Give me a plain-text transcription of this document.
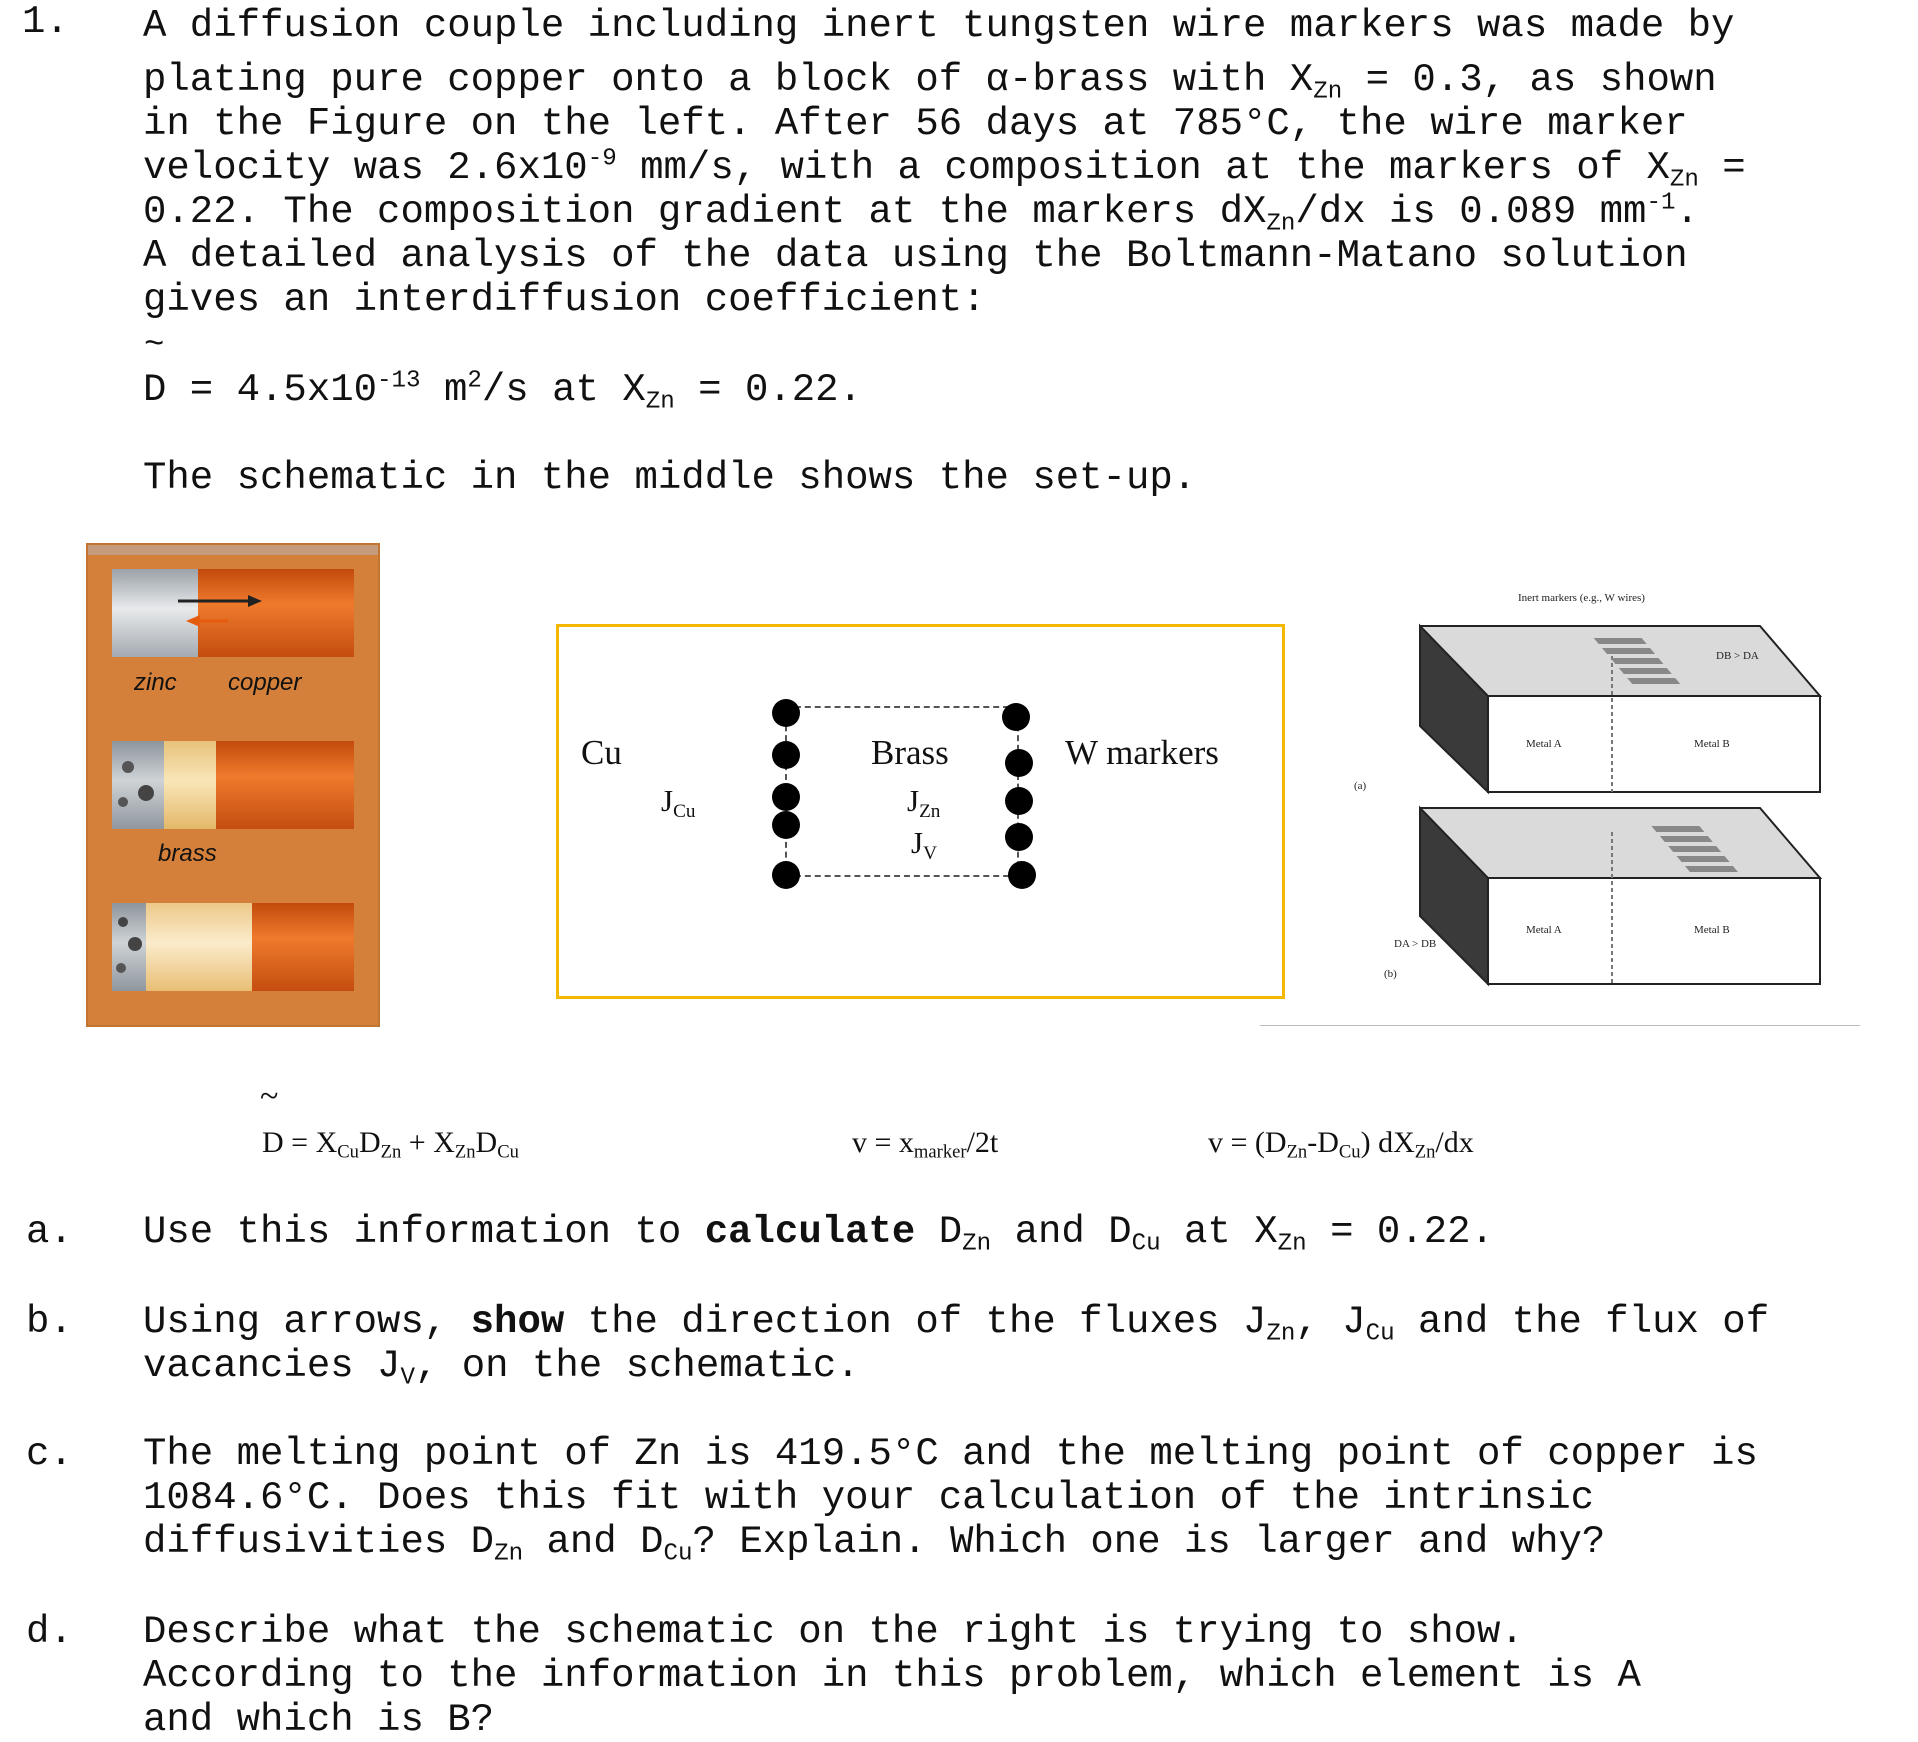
1. A diffusion couple including inert tungsten wire markers was made by
plating pure copper onto a block of α-brass with $X_{Zn} = 0.3$, as shown
in the Figure on the left. After 56 days at 785°C, the wire marker
velocity was $2.6x10^{-9}$ mm/s, with a composition at the markers of $X_{Zn}$ =
0.22. The composition gradient at the markers $dX_{Zn}/dx$ is 0.089 $mm^{-1}$.
A detailed analysis of the data using the Boltmann-Matano solution
gives an interdiffusion coefficient:
~
$D = 4.5x10^{-13}$ $m^2/s$ at $X_{Zn} = 0.22$.
The schematic in the middle shows the set-up.
zinc copper
brass
Cu
$J_{Cu}$
Brass
$J_{Zn}$
$J_V$
W markers
Inert markers (e.g., W wires)
DB > DA
Metal A	Metal B
(a)
Metal A	Metal B
DA > DB
(b)
~
$D = X_{Cu}D_{Zn} + X_{Zn}D_{Cu}$	$v = x_{marker}/2t$	$v = (D_{Zn}-D_{Cu})$ $dX_{Zn}/dx$
a. Use this information to calculate $D_{Zn}$ and $D_{Cu}$ at $X_{Zn} = 0.22$.
b. Using arrows, show the direction of the fluxes $J_{Zn}$, $J_{Cu}$ and the flux of
vacancies $J_V$, on the schematic.
c. The melting point of Zn is 419.5°C and the melting point of copper is
1084.6°C. Does this fit with your calculation of the intrinsic
diffusivities $D_{Zn}$ and $D_{Cu}$? Explain. Which one is larger and why?
d. Describe what the schematic on the right is trying to show.
According to the information in this problem, which element is A
and which is B?
